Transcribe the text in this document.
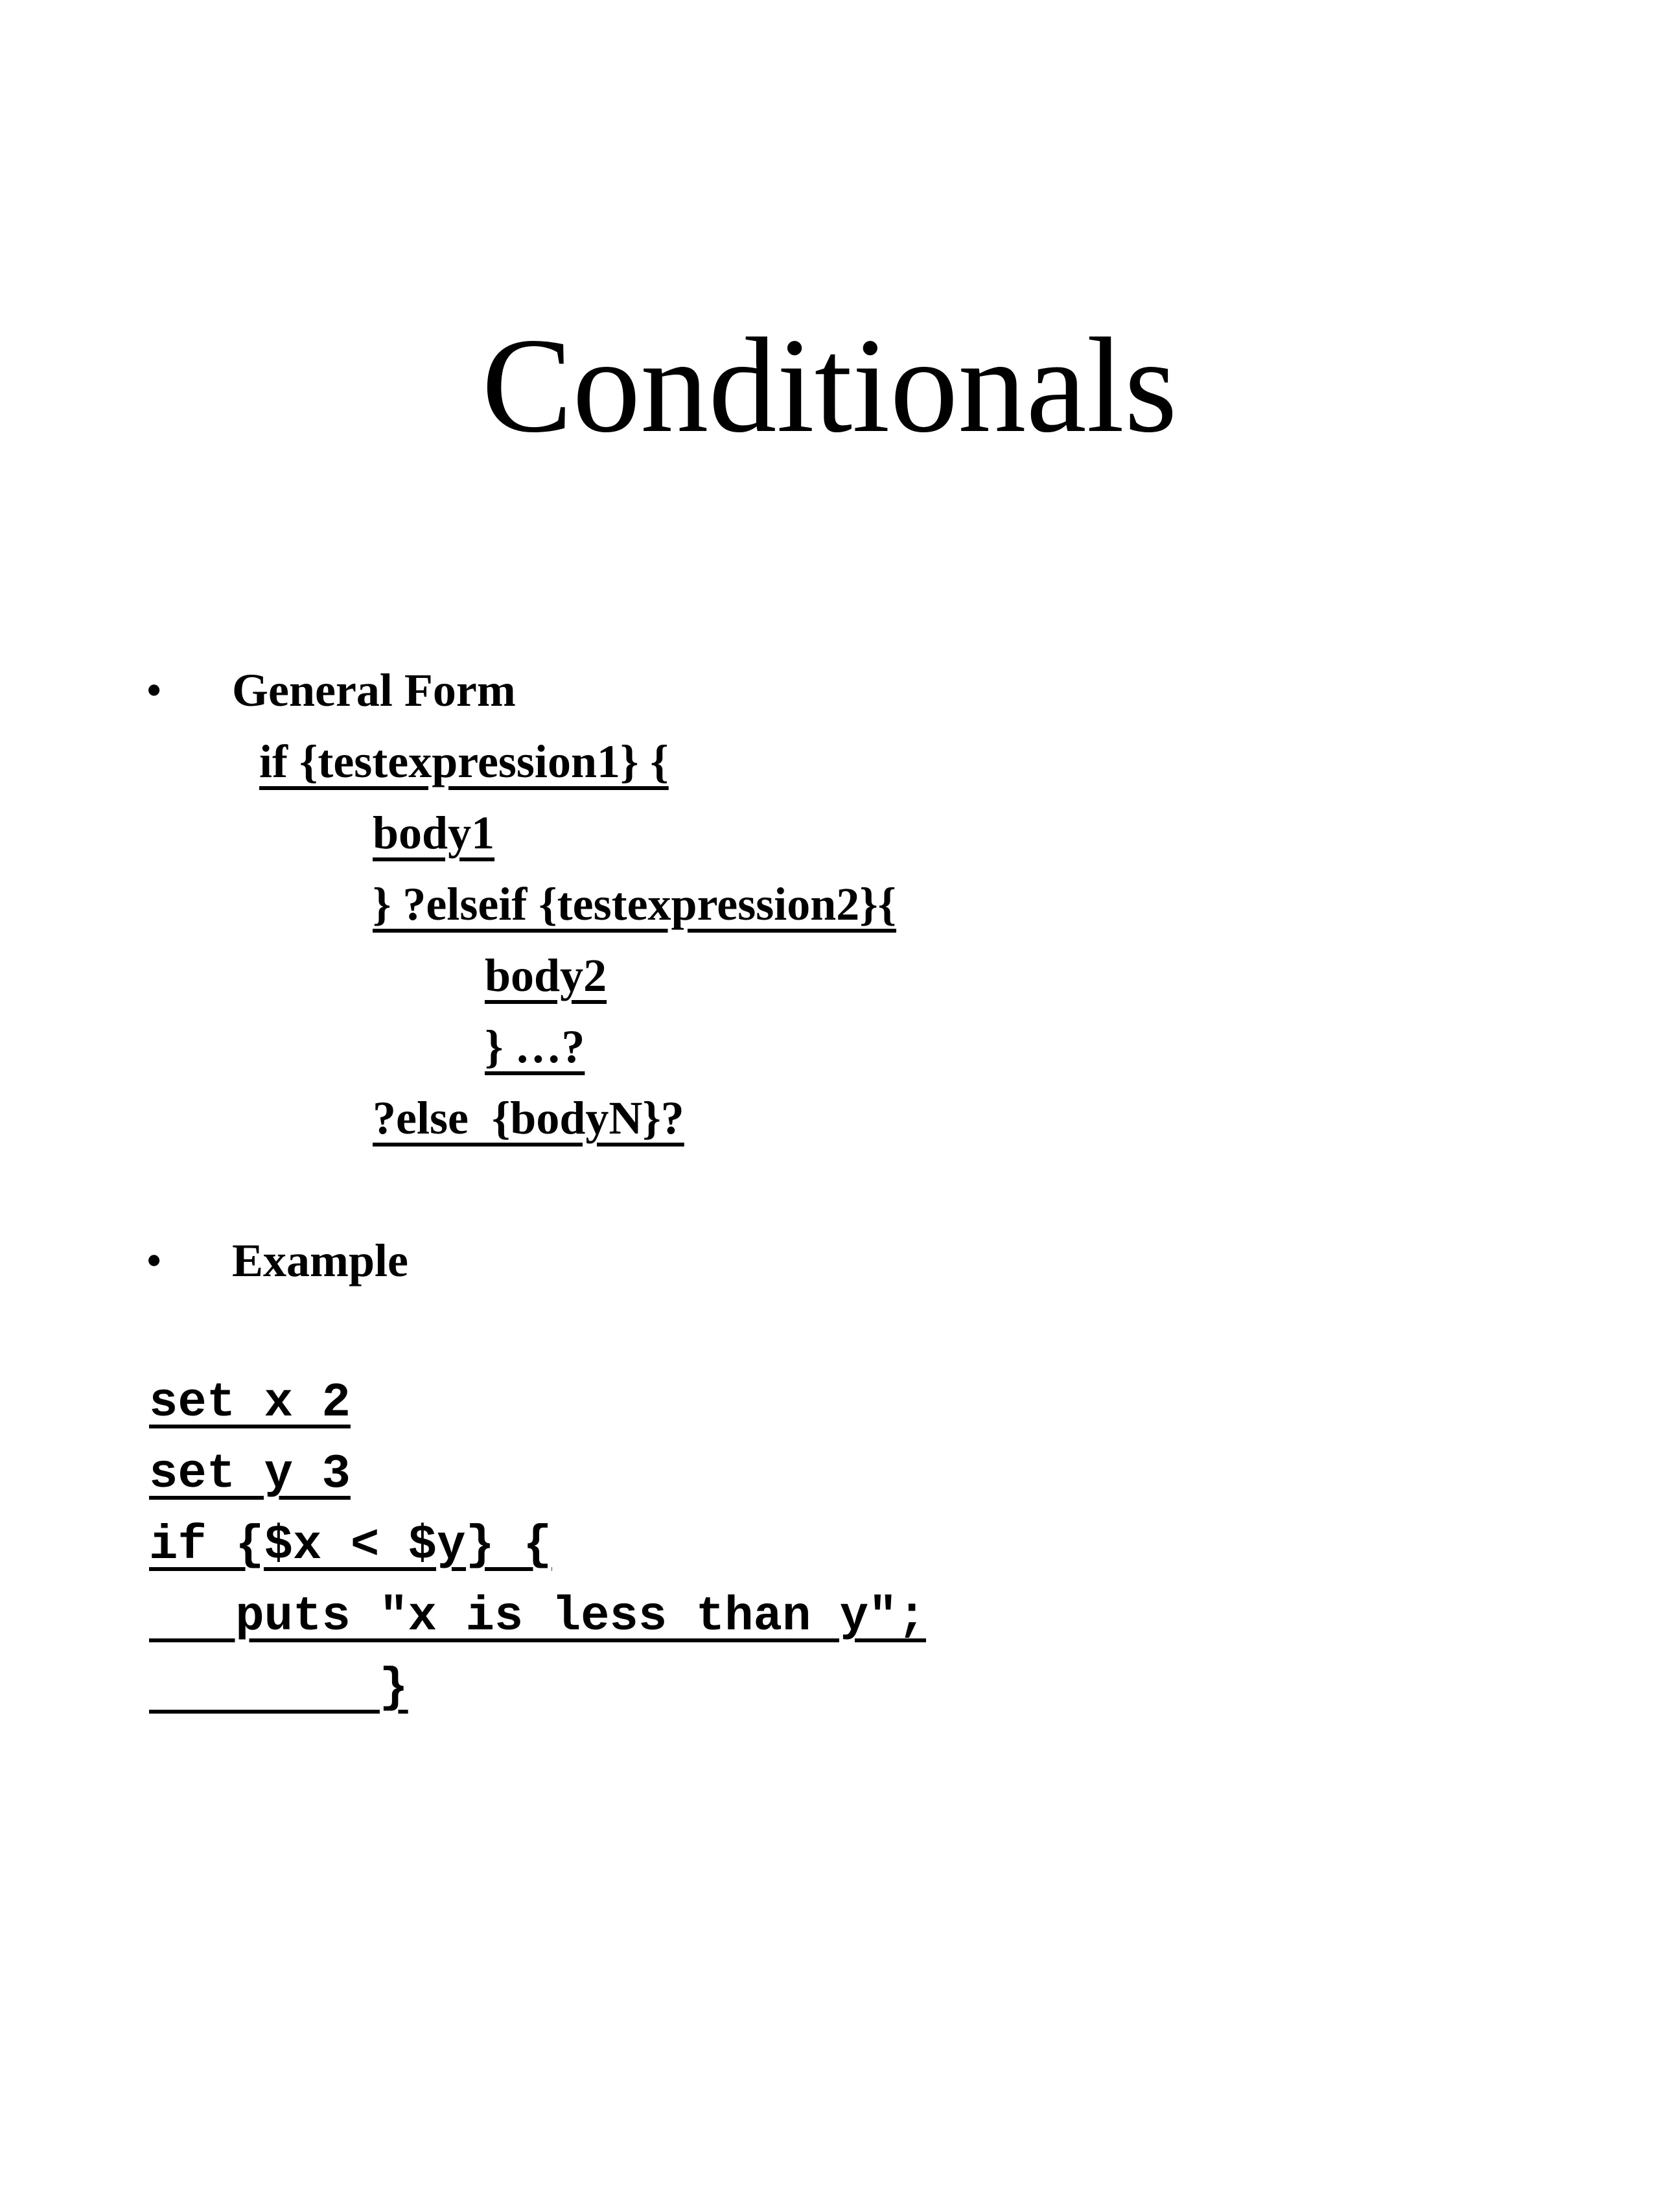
Conditionals
• General Form
if {testexpression1} {
body1
} ?elseif {testexpression2}{
body2
} …?
?else  {bodyN}?
• Example
set x 2
set y 3
if {$x < $y} {
puts "x is less than y";
}
